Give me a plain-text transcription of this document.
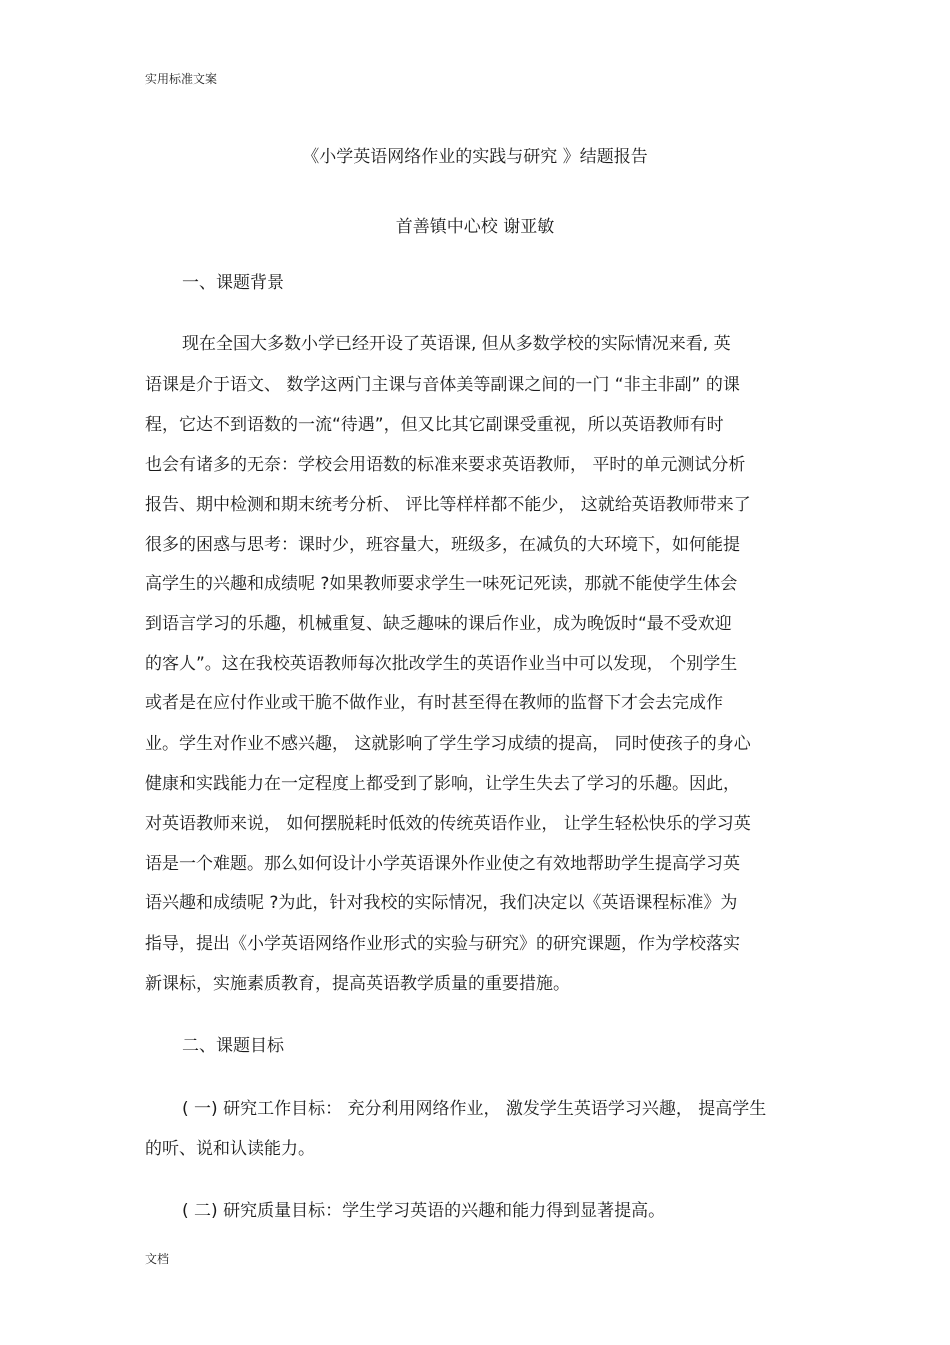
实用标准文案
《小学英语网络作业的实践与研究 》结题报告
首善镇中心校 谢亚敏
一、课题背景
现在全国大多数小学已经开设了英语课, 但从多数学校的实际情况来看, 英
语课是介于语文、 数学这两门主课与音体美等副课之间的一门 “非主非副” 的课
程，它达不到语数的一流“待遇”，但又比其它副课受重视，所以英语教师有时
也会有诸多的无奈：学校会用语数的标准来要求英语教师， 平时的单元测试分析
报告、期中检测和期末统考分析、 评比等样样都不能少， 这就给英语教师带来了
很多的困惑与思考：课时少，班容量大，班级多，在减负的大环境下，如何能提
高学生的兴趣和成绩呢 ?如果教师要求学生一味死记死读，那就不能使学生体会
到语言学习的乐趣，机械重复、缺乏趣味的课后作业，成为晚饭时“最不受欢迎
的客人”。这在我校英语教师每次批改学生的英语作业当中可以发现， 个别学生
或者是在应付作业或干脆不做作业，有时甚至得在教师的监督下才会去完成作
业。学生对作业不感兴趣， 这就影响了学生学习成绩的提高， 同时使孩子的身心
健康和实践能力在一定程度上都受到了影响，让学生失去了学习的乐趣。因此，
对英语教师来说， 如何摆脱耗时低效的传统英语作业， 让学生轻松快乐的学习英
语是一个难题。那么如何设计小学英语课外作业使之有效地帮助学生提高学习英
语兴趣和成绩呢 ?为此，针对我校的实际情况，我们决定以《英语课程标准》为
指导，提出《小学英语网络作业形式的实验与研究》的研究课题，作为学校落实
新课标，实施素质教育，提高英语教学质量的重要措施。
二、课题目标
( 一) 研究工作目标： 充分利用网络作业， 激发学生英语学习兴趣， 提高学生
的听、说和认读能力。
( 二) 研究质量目标：学生学习英语的兴趣和能力得到显著提高。
文档
